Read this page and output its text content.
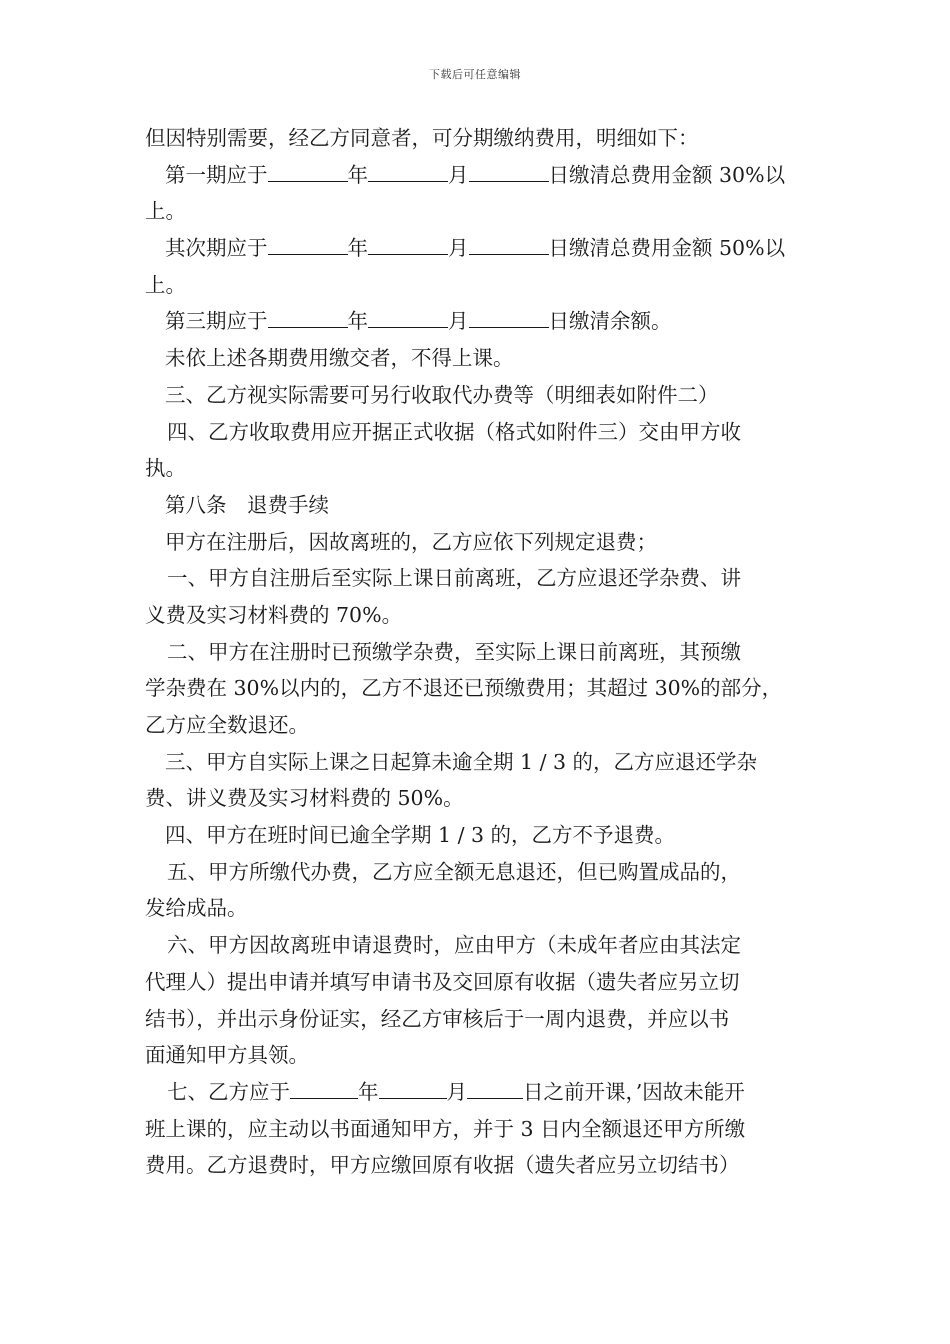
下载后可任意编辑
但因特别需要，经乙方同意者，可分期缴纳费用，明细如下：
第一期应于	年	月	日缴清总费用金额 30%以
上。
其次期应于	年	月	日缴清总费用金额 50%以
上。
第三期应于	年	月	日缴清余额。
未依上述各期费用缴交者，不得上课。
三、乙方视实际需要可另行收取代办费等（明细表如附件二）
四、乙方收取费用应开据正式收据（格式如附件三）交由甲方收
执。
第八条　退费手续
甲方在注册后，因故离班的，乙方应依下列规定退费；
一、甲方自注册后至实际上课日前离班，乙方应退还学杂费、讲
义费及实习材料费的 70%。
二、甲方在注册时已预缴学杂费，至实际上课日前离班，其预缴
学杂费在 30%以内的，乙方不退还已预缴费用；其超过 30%的部分，
乙方应全数退还。
三、甲方自实际上课之日起算未逾全期 1 / 3 的，乙方应退还学杂
费、讲义费及实习材料费的 50%。
四、甲方在班时间已逾全学期 1 / 3 的，乙方不予退费。
五、甲方所缴代办费，乙方应全额无息退还，但已购置成品的，
发给成品。
六、甲方因故离班申请退费时，应由甲方（未成年者应由其法定
代理人）提出申请并填写申请书及交回原有收据（遗失者应另立切
结书），并出示身份证实，经乙方审核后于一周内退费，并应以书
面通知甲方具领。
七、乙方应于	年	月	日之前开课，’因故未能开
班上课的，应主动以书面通知甲方，并于 3 日内全额退还甲方所缴
费用。乙方退费时，甲方应缴回原有收据（遗失者应另立切结书）
